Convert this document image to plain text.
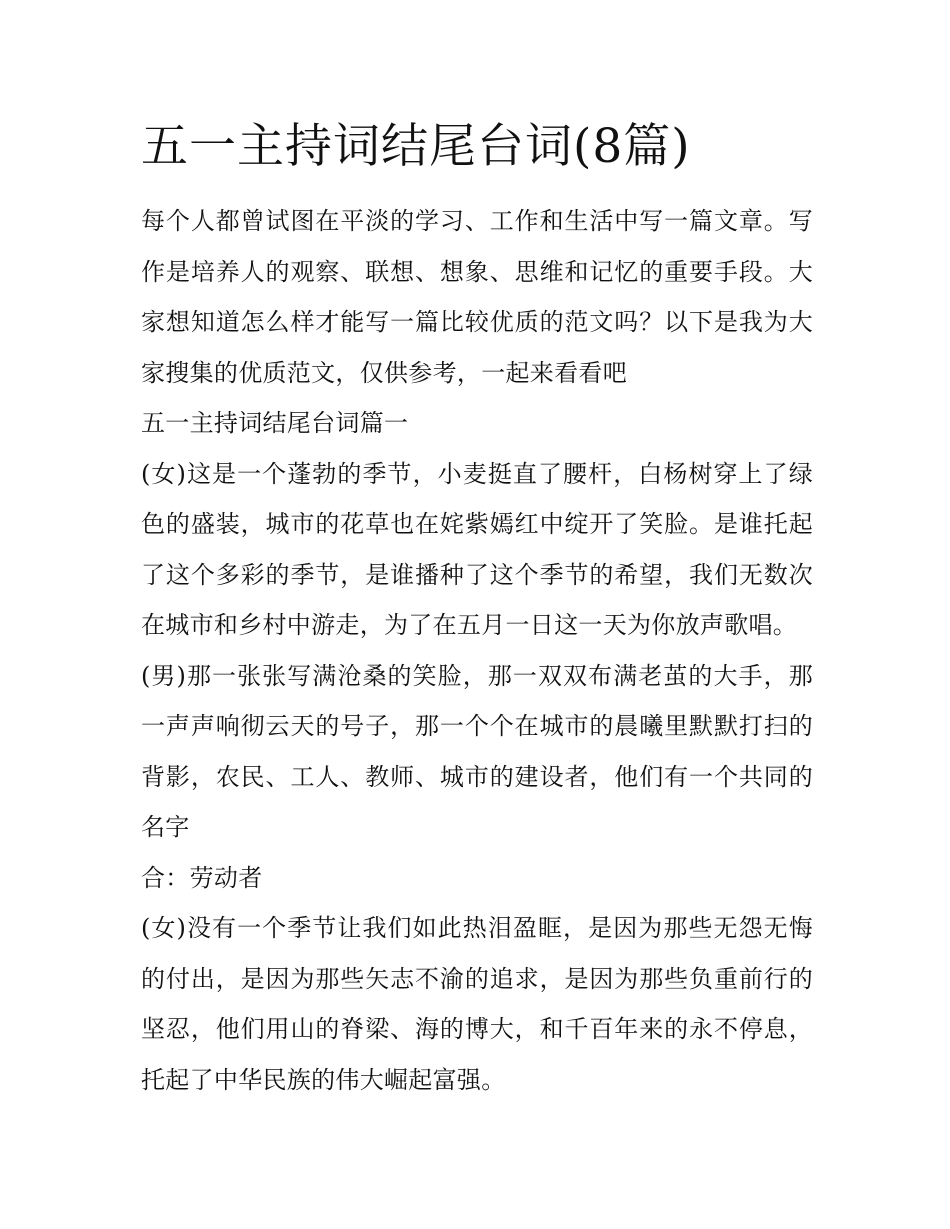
五一主持词结尾台词(8篇)

每个人都曾试图在平淡的学习、工作和生活中写一篇文章。写作是培养人的观察、联想、想象、思维和记忆的重要手段。大家想知道怎么样才能写一篇比较优质的范文吗？以下是我为大家搜集的优质范文，仅供参考，一起来看看吧

五一主持词结尾台词篇一

(女)这是一个蓬勃的季节，小麦挺直了腰杆，白杨树穿上了绿色的盛装，城市的花草也在姹紫嫣红中绽开了笑脸。是谁托起了这个多彩的季节，是谁播种了这个季节的希望，我们无数次在城市和乡村中游走，为了在五月一日这一天为你放声歌唱。

(男)那一张张写满沧桑的笑脸，那一双双布满老茧的大手，那一声声响彻云天的号子，那一个个在城市的晨曦里默默打扫的背影，农民、工人、教师、城市的建设者，他们有一个共同的名字

合：劳动者

(女)没有一个季节让我们如此热泪盈眶，是因为那些无怨无悔的付出，是因为那些矢志不渝的追求，是因为那些负重前行的坚忍，他们用山的脊梁、海的博大，和千百年来的永不停息，托起了中华民族的伟大崛起富强。
